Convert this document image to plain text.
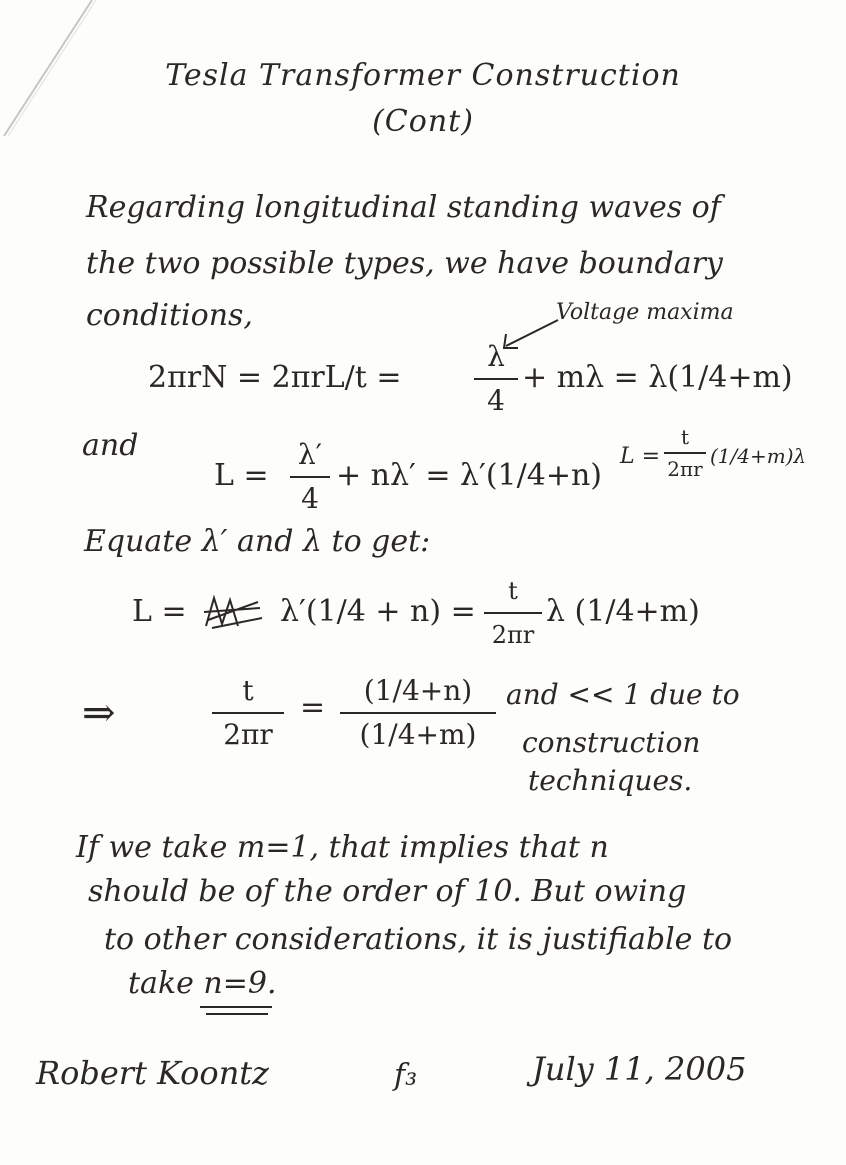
Tesla Transformer Construction
(Cont)
Regarding longitudinal standing waves of
the two possible types, we have boundary
conditions,	Voltage maxima
2πrN = 2πrL/t =
λ
4
+ mλ = λ(1/4+m)
and
L =
λ′
4
+ nλ′ = λ′(1/4+n)
L =
t
2πr
(1/4+m)λ
Equate λ′ and λ to get:
L =	λ′(1/4 + n) =
t
2πr
λ (1/4+m)
⇒	t
2πr
=	(1/4+n)
(1/4+m)
and << 1 due to
construction
techniques.
If we take m=1, that implies that n
should be of the order of 10. But owing
to other considerations, it is justifiable to
take n=9.
Robert Koontz	f₃	July 11, 2005
